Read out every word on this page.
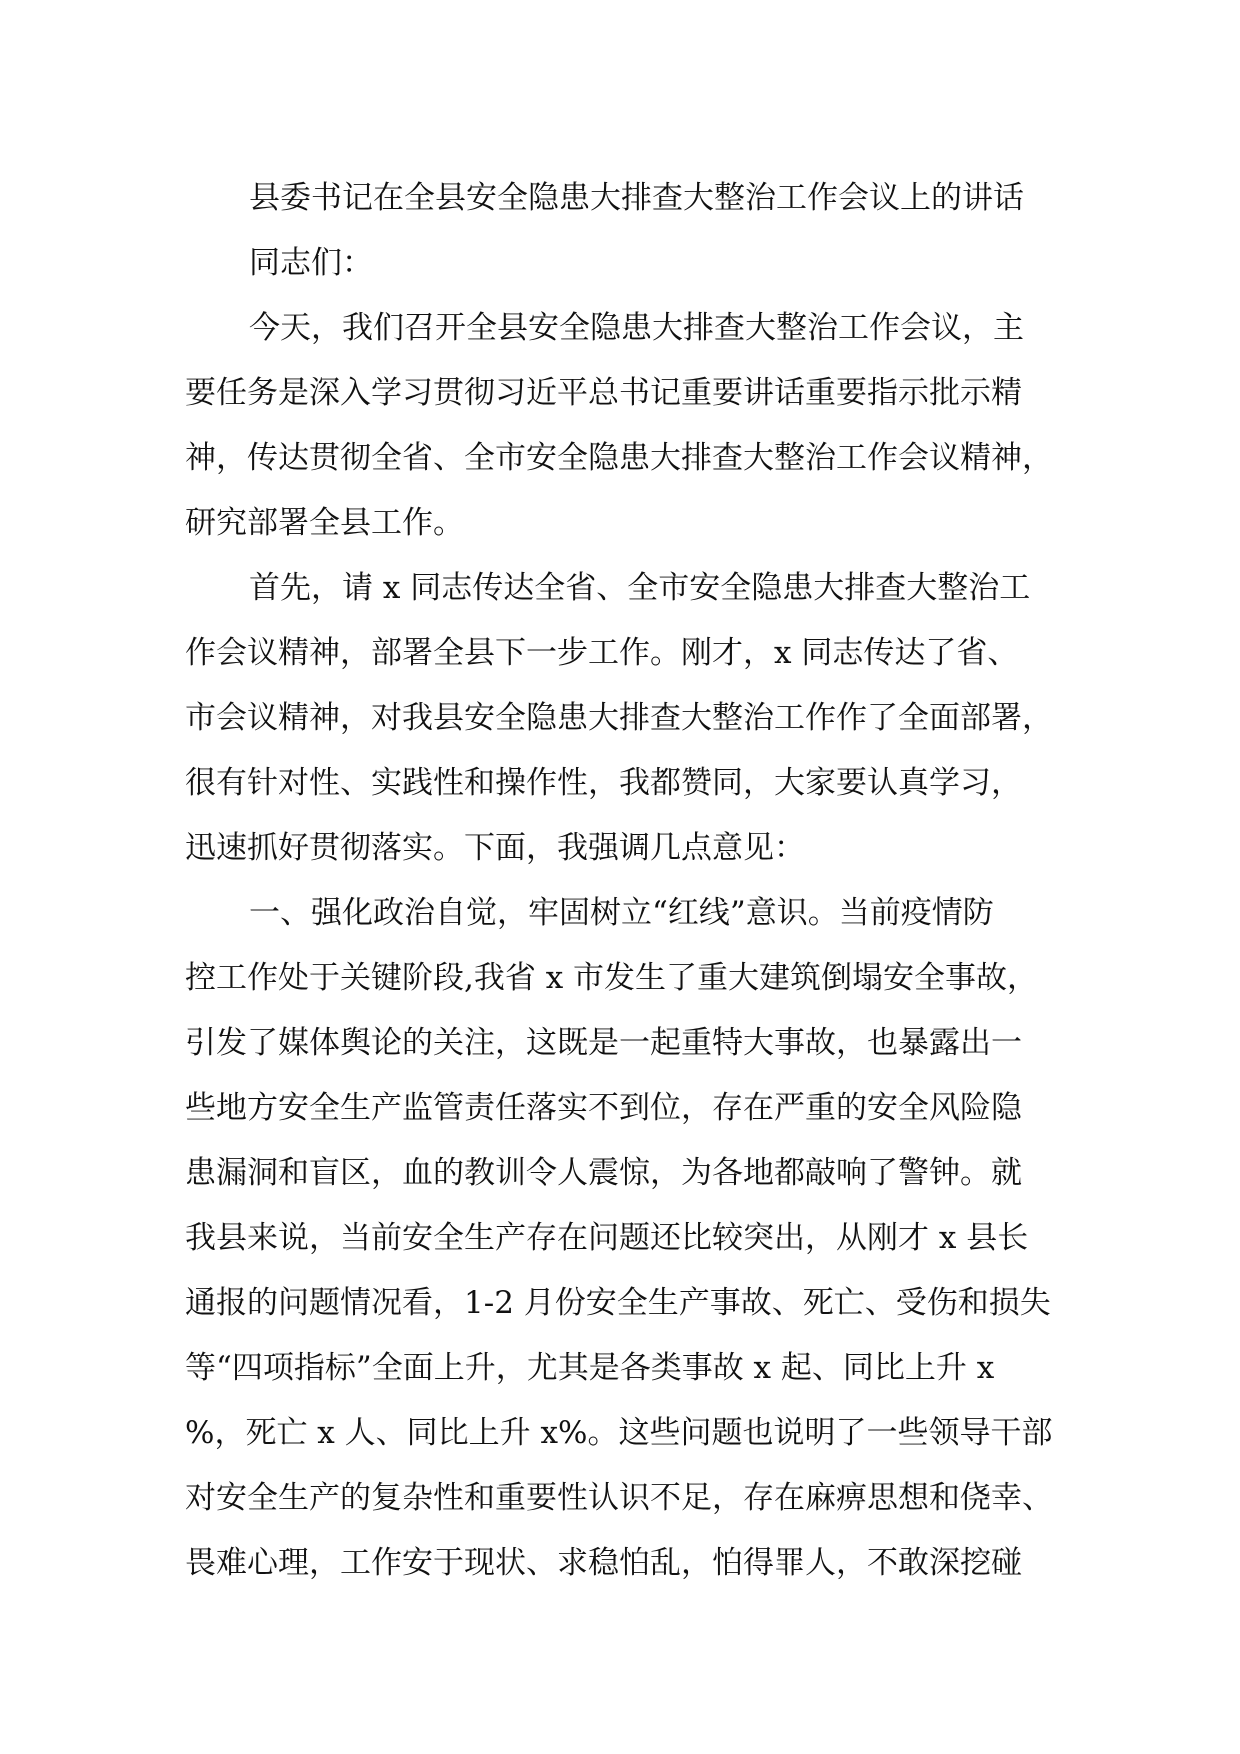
县委书记在全县安全隐患大排查大整治工作会议上的讲话
同志们：
今天，我们召开全县安全隐患大排查大整治工作会议，主
要任务是深入学习贯彻习近平总书记重要讲话重要指示批示精
神，传达贯彻全省、全市安全隐患大排查大整治工作会议精神，
研究部署全县工作。
首先，请 x 同志传达全省、全市安全隐患大排查大整治工
作会议精神，部署全县下一步工作。刚才，x 同志传达了省、
市会议精神，对我县安全隐患大排查大整治工作作了全面部署，
很有针对性、实践性和操作性，我都赞同，大家要认真学习，
迅速抓好贯彻落实。下面，我强调几点意见：
一、强化政治自觉，牢固树立“红线”意识。当前疫情防
控工作处于关键阶段,我省 x 市发生了重大建筑倒塌安全事故，
引发了媒体舆论的关注，这既是一起重特大事故，也暴露出一
些地方安全生产监管责任落实不到位，存在严重的安全风险隐
患漏洞和盲区，血的教训令人震惊，为各地都敲响了警钟。就
我县来说，当前安全生产存在问题还比较突出，从刚才 x 县长
通报的问题情况看，1-2 月份安全生产事故、死亡、受伤和损失
等“四项指标”全面上升，尤其是各类事故 x 起、同比上升 x
%，死亡 x 人、同比上升 x%。这些问题也说明了一些领导干部
对安全生产的复杂性和重要性认识不足，存在麻痹思想和侥幸、
畏难心理，工作安于现状、求稳怕乱，怕得罪人，不敢深挖碰
